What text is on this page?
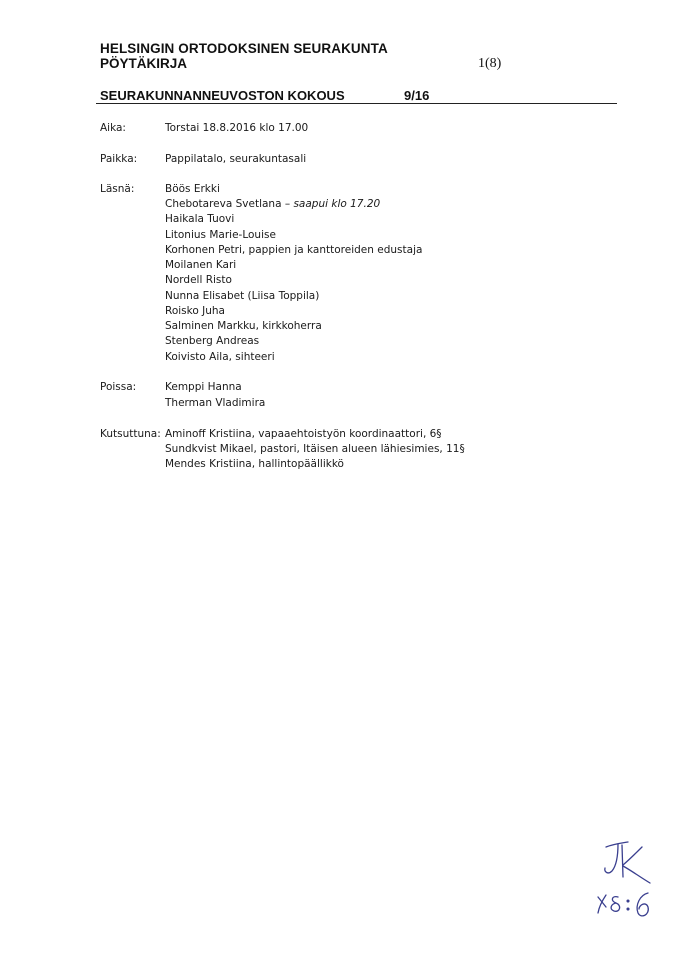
HELSINGIN ORTODOKSINEN SEURAKUNTA
PÖYTÄKIRJA	1(8)
SEURAKUNNANNEUVOSTON KOKOUS	9/16
Aika:	Torstai 18.8.2016 klo 17.00
Paikka:	Pappilatalo, seurakuntasali
Läsnä:	Böös Erkki
Chebotareva Svetlana – saapui klo 17.20
Haikala Tuovi
Litonius Marie-Louise
Korhonen Petri, pappien ja kanttoreiden edustaja
Moilanen Kari
Nordell Risto
Nunna Elisabet (Liisa Toppila)
Roisko Juha
Salminen Markku, kirkkoherra
Stenberg Andreas
Koivisto Aila, sihteeri
Poissa:	Kemppi Hanna
Therman Vladimira
Kutsuttuna: Aminoff Kristiina, vapaaehtoistyön koordinaattori, 6§
Sundkvist Mikael, pastori, Itäisen alueen lähiesimies, 11§
Mendes Kristiina, hallintopäällikkö
